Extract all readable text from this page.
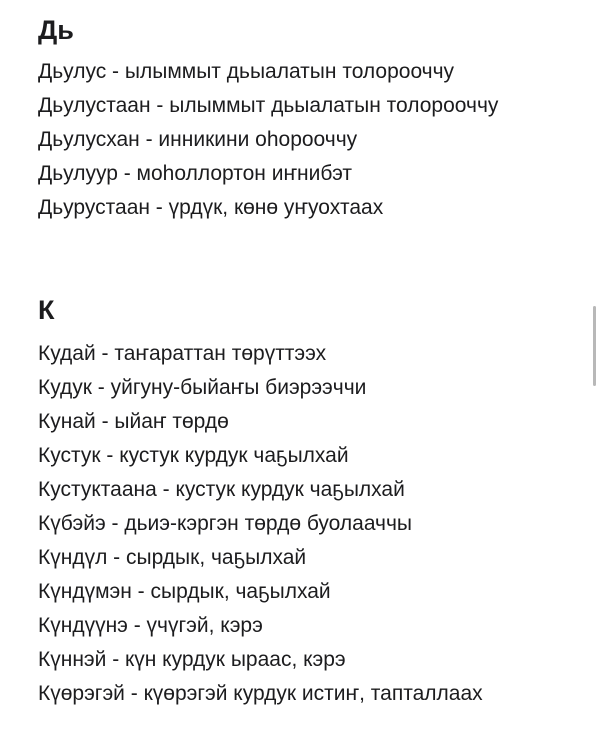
Дь
Дьулус - ылыммыт дьыалатын толорооччу
Дьулустаан - ылыммыт дьыалатын толорооччу
Дьулусхан - инникини оһорооччу
Дьулуур - моһоллортон иҥнибэт
Дьурустаан - үрдүк, көнө уҥуохтаах
К
Кудай - таҥараттан төрүттээх
Кудук - уйгуну-быйаҥы биэрээччи
Кунай - ыйаҥ төрдө
Кустук - кустук курдук чаҕылхай
Кустуктаана - кустук курдук чаҕылхай
Күбэйэ - дьиэ-кэргэн төрдө буолааччы
Күндүл - сырдык, чаҕылхай
Күндүмэн - сырдык, чаҕылхай
Күндүүнэ - үчүгэй, кэрэ
Күннэй - күн курдук ыраас, кэрэ
Күөрэгэй - күөрэгэй курдук истиҥ, тапталлаах
